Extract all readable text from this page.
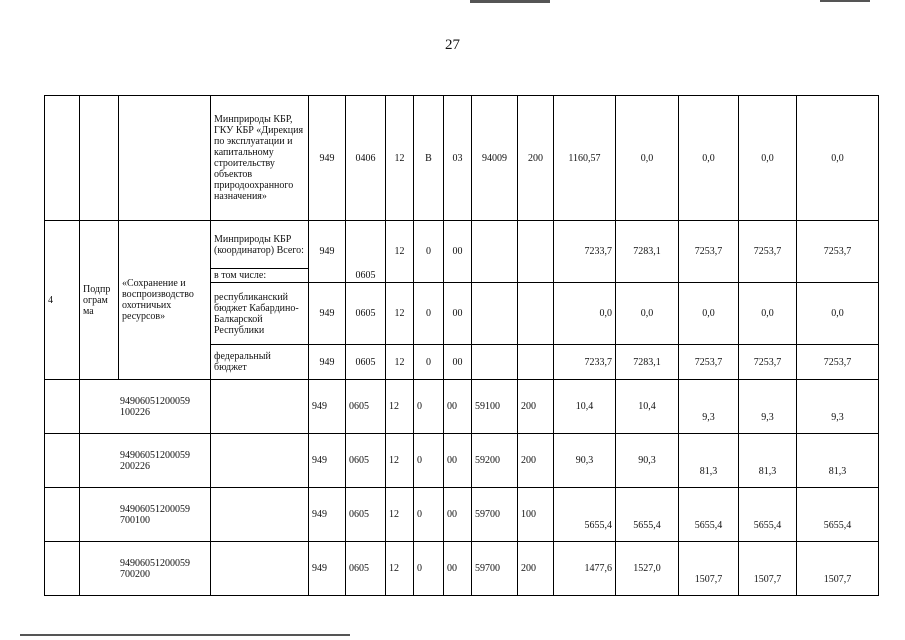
27
			Минприроды КБР, ГКУ КБР «Дирекция по эксплуатации и капитальному строительству объектов природоохранного назначения»	949	0406	12	В	03	94009	200	1160,57	0,0	0,0	0,0	0,0
4	Подпр ограм ма	«Сохранение и воспроизводство охотничьих ресурсов»	Минприроды КБР (координатор) Всего:	949	0605	12	0	00			7233,7	7283,1	7253,7	7253,7	7253,7
			в том числе:												
			республиканский бюджет Кабардино-Балкарской Республики	949	0605	12	0	00			0,0	0,0	0,0	0,0	0,0
			федеральный бюджет	949	0605	12	0	00			7233,7	7283,1	7253,7	7253,7	7253,7
	94906051200059 100226			949	0605	12	0	00	59100	200	10,4	10,4	9,3	9,3	9,3
	94906051200059 200226			949	0605	12	0	00	59200	200	90,3	90,3	81,3	81,3	81,3
	94906051200059 700100			949	0605	12	0	00	59700	100	5655,4	5655,4	5655,4	5655,4	5655,4
	94906051200059 700200			949	0605	12	0	00	59700	200	1477,6	1527,0	1507,7	1507,7	1507,7
